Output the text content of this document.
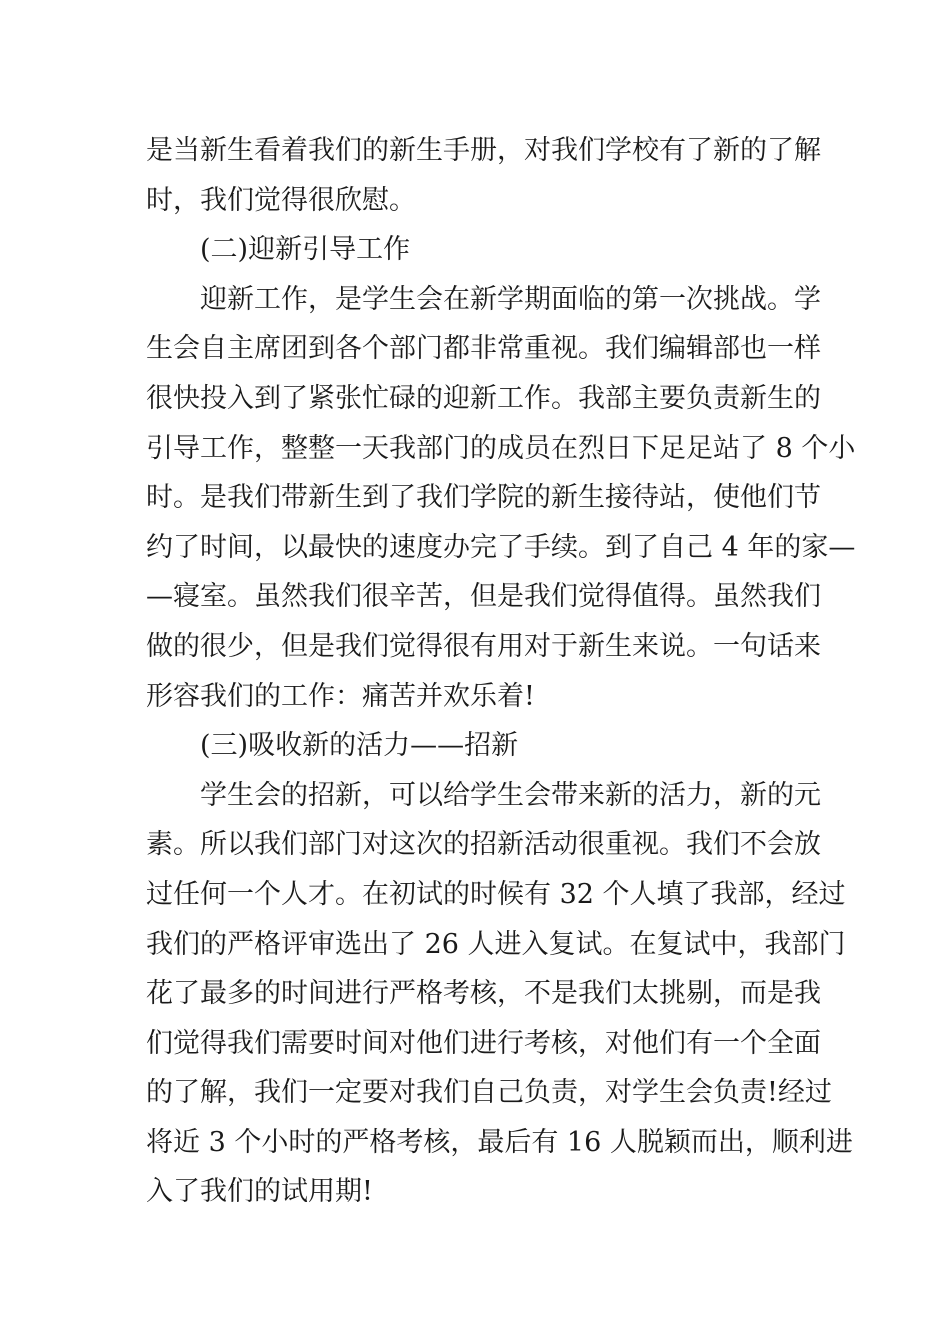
是当新生看着我们的新生手册，对我们学校有了新的了解
时，我们觉得很欣慰。
(二)迎新引导工作
迎新工作，是学生会在新学期面临的第一次挑战。学
生会自主席团到各个部门都非常重视。我们编辑部也一样
很快投入到了紧张忙碌的迎新工作。我部主要负责新生的
引导工作，整整一天我部门的成员在烈日下足足站了 8 个小
时。是我们带新生到了我们学院的新生接待站，使他们节
约了时间，以最快的速度办完了手续。到了自己 4 年的家—
—寝室。虽然我们很辛苦，但是我们觉得值得。虽然我们
做的很少，但是我们觉得很有用对于新生来说。一句话来
形容我们的工作：痛苦并欢乐着!
(三)吸收新的活力——招新
学生会的招新，可以给学生会带来新的活力，新的元
素。所以我们部门对这次的招新活动很重视。我们不会放
过任何一个人才。在初试的时候有 32 个人填了我部，经过
我们的严格评审选出了 26 人进入复试。在复试中，我部门
花了最多的时间进行严格考核，不是我们太挑剔，而是我
们觉得我们需要时间对他们进行考核，对他们有一个全面
的了解，我们一定要对我们自己负责，对学生会负责!经过
将近 3 个小时的严格考核，最后有 16 人脱颖而出，顺利进
入了我们的试用期!
